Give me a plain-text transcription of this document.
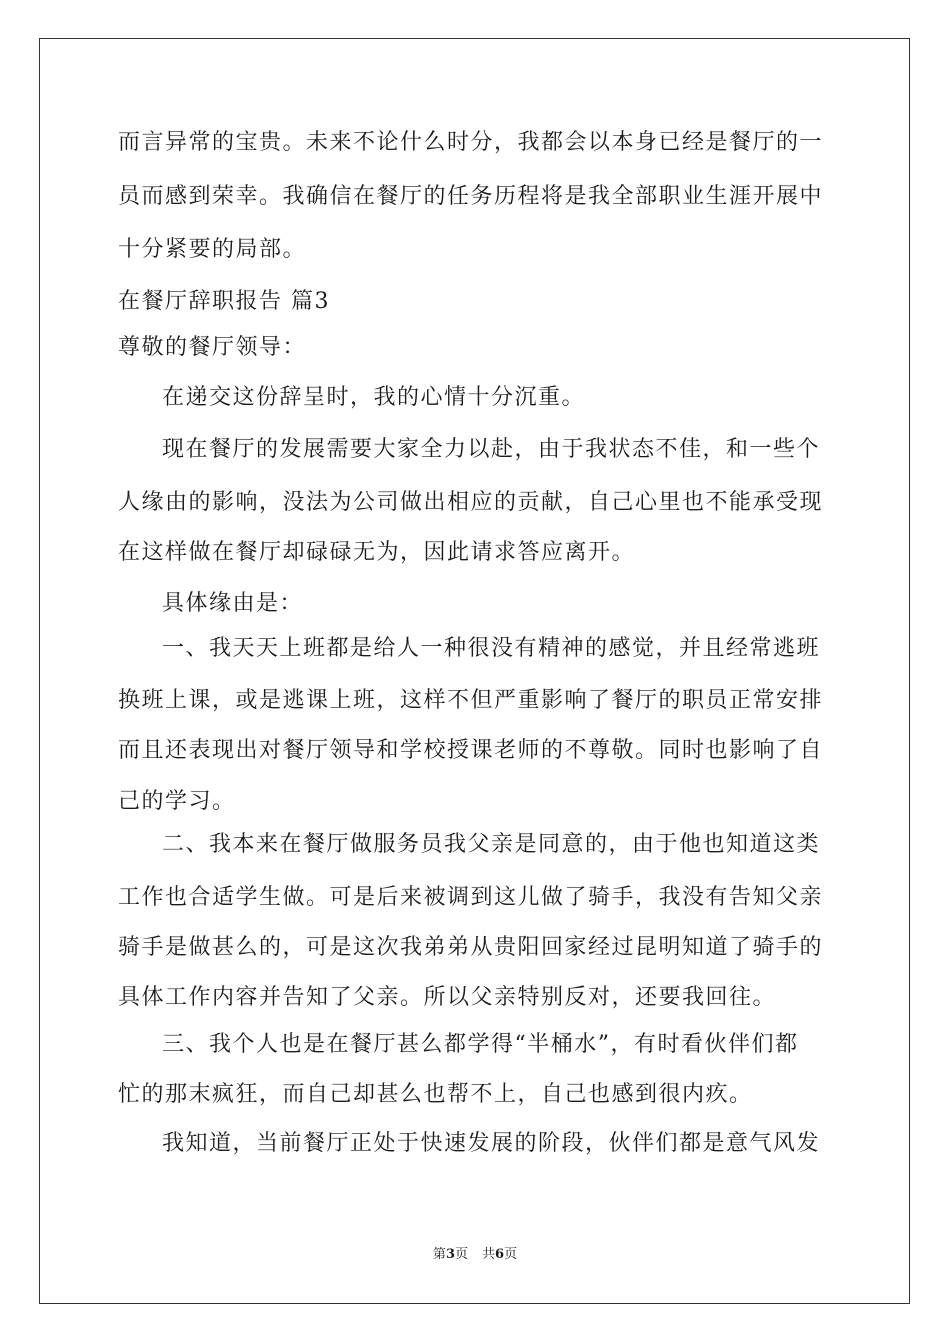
而言异常的宝贵。未来不论什么时分，我都会以本身已经是餐厅的一
员而感到荣幸。我确信在餐厅的任务历程将是我全部职业生涯开展中
十分紧要的局部。
在餐厅辞职报告 篇3
尊敬的餐厅领导：
在递交这份辞呈时，我的心情十分沉重。
现在餐厅的发展需要大家全力以赴，由于我状态不佳，和一些个
人缘由的影响，没法为公司做出相应的贡献，自己心里也不能承受现
在这样做在餐厅却碌碌无为，因此请求答应离开。
具体缘由是：
一、我天天上班都是给人一种很没有精神的感觉，并且经常逃班
换班上课，或是逃课上班，这样不但严重影响了餐厅的职员正常安排
而且还表现出对餐厅领导和学校授课老师的不尊敬。同时也影响了自
己的学习。
二、我本来在餐厅做服务员我父亲是同意的，由于他也知道这类
工作也合适学生做。可是后来被调到这儿做了骑手，我没有告知父亲
骑手是做甚么的，可是这次我弟弟从贵阳回家经过昆明知道了骑手的
具体工作内容并告知了父亲。所以父亲特别反对，还要我回往。
三、我个人也是在餐厅甚么都学得“半桶水”，有时看伙伴们都
忙的那末疯狂，而自己却甚么也帮不上，自己也感到很内疚。
我知道，当前餐厅正处于快速发展的阶段，伙伴们都是意气风发
第3页 共6页
